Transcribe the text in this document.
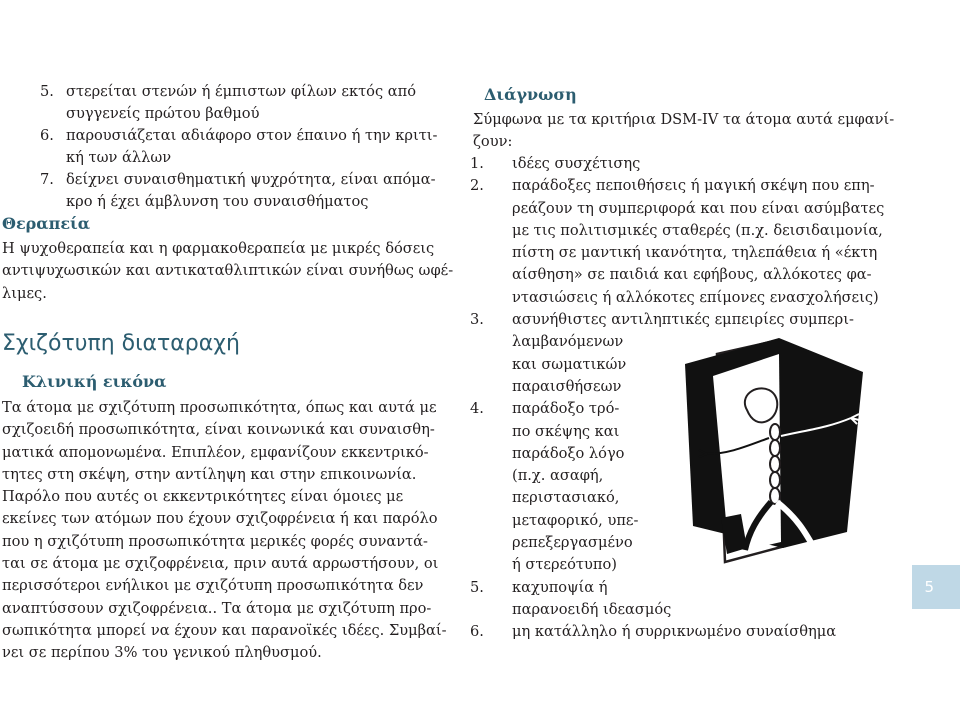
5. στερείται στενών ή έμπιστων φίλων εκτός από
συγγενείς πρώτου βαθμού
6. παρουσιάζεται αδιάφορο στον έπαινο ή την κριτι-
κή των άλλων
7. δείχνει συναισθηματική ψυχρότητα, είναι απόμα-
κρο ή έχει άμβλυνση του συναισθήματος
Θεραπεία
Η ψυχοθεραπεία και η φαρμακοθεραπεία με μικρές δόσεις
αντιψυχωσικών και αντικαταθλιπτικών είναι συνήθως ωφέ-
λιμες.
Σχιζότυπη διαταραχή
Κλινική εικόνα
Τα άτομα με σχιζότυπη προσωπικότητα, όπως και αυτά με
σχιζοειδή προσωπικότητα, είναι κοινωνικά και συναισθη-
ματικά απομονωμένα. Επιπλέον, εμφανίζουν εκκεντρικό-
τητες στη σκέψη, στην αντίληψη και στην επικοινωνία.
Παρόλο που αυτές οι εκκεντρικότητες είναι όμοιες με
εκείνες των ατόμων που έχουν σχιζοφρένεια ή και παρόλο
που η σχιζότυπη προσωπικότητα μερικές φορές συναντά-
ται σε άτομα με σχιζοφρένεια, πριν αυτά αρρωστήσουν, οι
περισσότεροι ενήλικοι με σχιζότυπη προσωπικότητα δεν
αναπτύσσουν σχιζοφρένεια.. Τα άτομα με σχιζότυπη προ-
σωπικότητα μπορεί να έχουν και παρανοϊκές ιδέες. Συμβαί-
νει σε περίπου 3% του γενικού πληθυσμού.
Διάγνωση
Σύμφωνα με τα κριτήρια DSM-IV τα άτομα αυτά εμφανί-
ζουν:
1. ιδέες συσχέτισης
2. παράδοξες πεποιθήσεις ή μαγική σκέψη που επη-
ρεάζουν τη συμπεριφορά και που είναι ασύμβατες
με τις πολιτισμικές σταθερές (π.χ. δεισιδαιμονία,
πίστη σε μαντική ικανότητα, τηλεπάθεια ή «έκτη
αίσθηση» σε παιδιά και εφήβους, αλλόκοτες φα-
ντασιώσεις ή αλλόκοτες επίμονες ενασχολήσεις)
3. ασυνήθιστες αντιληπτικές εμπειρίες συμπερι-
λαμβανόμενων
και σωματικών
παραισθήσεων
4. παράδοξο τρό-
πο σκέψης και
παράδοξο λόγο
(π.χ. ασαφή,
περιστασιακό,
μεταφορικό, υπε-
ρεπεξεργασμένο
ή στερεότυπο)
5. καχυποψία ή
παρανοειδή ιδεασμός
6. μη κατάλληλο ή συρρικνωμένο συναίσθημα
5
